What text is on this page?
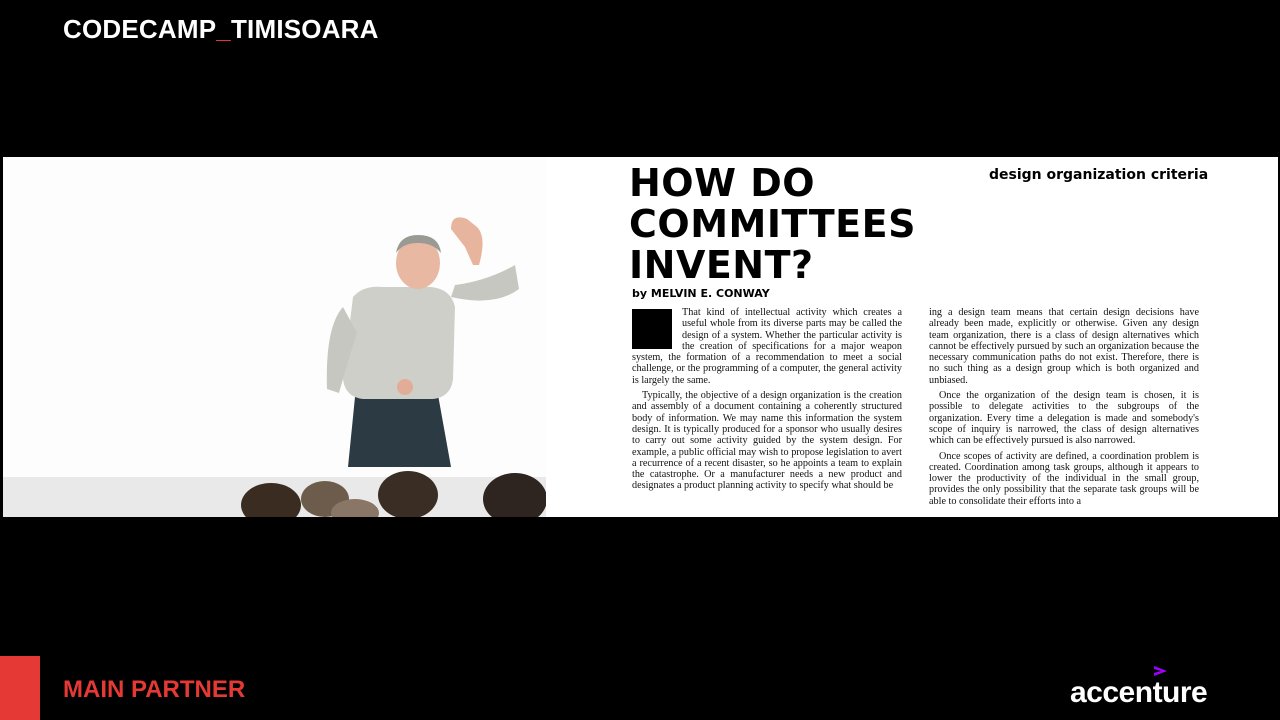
CODECAMP_TIMISOARA
HOW DO
COMMITTEES
INVENT?
design organization criteria
by MELVIN E. CONWAY

That kind of intellectual activity which creates a useful whole from its diverse parts may be called the design of a system. Whether the particular activity is the creation of specifications for a major weapon system, the formation of a recommendation to meet a social challenge, or the programming of a computer, the general activity is largely the same.

Typically, the objective of a design organization is the creation and assembly of a document containing a coherently structured body of information. We may name this information the system design. It is typically produced for a sponsor who usually desires to carry out some activity guided by the system design. For example, a public official may wish to propose legislation to avert a recurrence of a recent disaster, so he appoints a team to explain the catastrophe. Or a manufacturer needs a new product and designates a product planning activity to specify what should be

ing a design team means that certain design decisions have already been made, explicitly or otherwise. Given any design team organization, there is a class of design alternatives which cannot be effectively pursued by such an organization because the necessary communication paths do not exist. Therefore, there is no such thing as a design group which is both organized and unbiased.

Once the organization of the design team is chosen, it is possible to delegate activities to the subgroups of the organization. Every time a delegation is made and somebody's scope of inquiry is narrowed, the class of design alternatives which can be effectively pursued is also narrowed.

Once scopes of activity are defined, a coordination problem is created. Coordination among task groups, although it appears to lower the productivity of the individual in the small group, provides the only possibility that the separate task groups will be able to consolidate their efforts into a

MAIN PARTNER	accenture
